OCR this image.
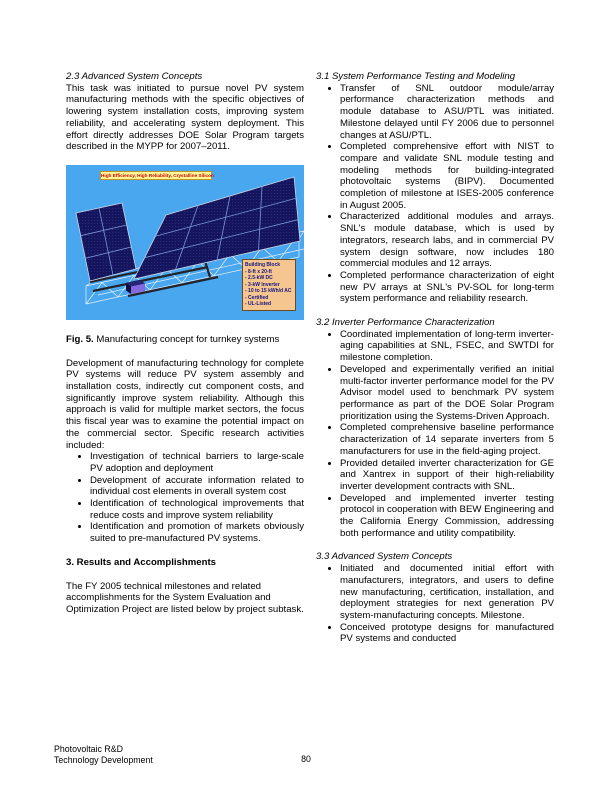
2.3 Advanced System Concepts

This task was initiated to pursue novel PV system manufacturing methods with the specific objectives of lowering system installation costs, improving system reliability, and accelerating system deployment. This effort directly addresses DOE Solar Program targets described in the MYPP for 2007–2011.

High Efficiency, High Reliability, Crystalline Silicon
Building Block
- 8-ft x 20-ft
- 2.5-kW DC
- 3-kW Inverter
- 10 to 15 kWh/d AC
- Certified
- UL-Listed

Fig. 5. Manufacturing concept for turnkey systems

Development of manufacturing technology for complete PV systems will reduce PV system assembly and installation costs, indirectly cut component costs, and significantly improve system reliability. Although this approach is valid for multiple market sectors, the focus this fiscal year was to examine the potential impact on the commercial sector. Specific research activities included:

• Investigation of technical barriers to large-scale PV adoption and deployment
• Development of accurate information related to individual cost elements in overall system cost
• Identification of technological improvements that reduce costs and improve system reliability
• Identification and promotion of markets obviously suited to pre-manufactured PV systems.
3. Results and Accomplishments

The FY 2005 technical milestones and related accomplishments for the System Evaluation and Optimization Project are listed below by project subtask.

3.1 System Performance Testing and Modeling
• Transfer of SNL outdoor module/array performance characterization methods and module database to ASU/PTL was initiated. Milestone delayed until FY 2006 due to personnel changes at ASU/PTL.
• Completed comprehensive effort with NIST to compare and validate SNL module testing and modeling methods for building-integrated photovoltaic systems (BIPV). Documented completion of milestone at ISES-2005 conference in August 2005.
• Characterized additional modules and arrays. SNL's module database, which is used by integrators, research labs, and in commercial PV system design software, now includes 180 commercial modules and 12 arrays.
• Completed performance characterization of eight new PV arrays at SNL's PV-SOL for long-term system performance and reliability research.
3.2 Inverter Performance Characterization
• Coordinated implementation of long-term inverter-aging capabilities at SNL, FSEC, and SWTDI for milestone completion.
• Developed and experimentally verified an initial multi-factor inverter performance model for the PV Advisor model used to benchmark PV system performance as part of the DOE Solar Program prioritization using the Systems-Driven Approach.
• Completed comprehensive baseline performance characterization of 14 separate inverters from 5 manufacturers for use in the field-aging project.
• Provided detailed inverter characterization for GE and Xantrex in support of their high-reliability inverter development contracts with SNL.
• Developed and implemented inverter testing protocol in cooperation with BEW Engineering and the California Energy Commission, addressing both performance and utility compatibility.
3.3 Advanced System Concepts
• Initiated and documented initial effort with manufacturers, integrators, and users to define new manufacturing, certification, installation, and deployment strategies for next generation PV system-manufacturing concepts. Milestone.
• Conceived prototype designs for manufactured PV systems and conducted
Photovoltaic R&D
Technology Development	80
